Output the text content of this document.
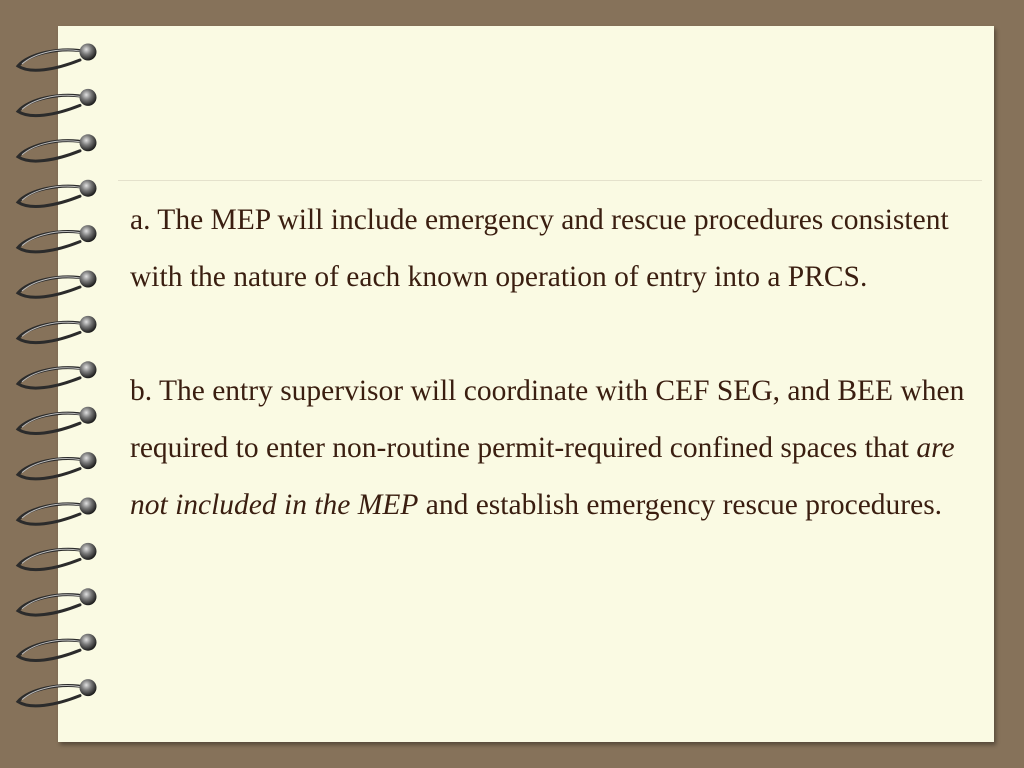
a. The MEP will include emergency and rescue procedures consistent with the nature of each known operation of entry into a PRCS.

b. The entry supervisor will coordinate with CEF SEG, and BEE when required to enter non-routine permit-required confined spaces that are not included in the MEP and establish emergency rescue procedures.
